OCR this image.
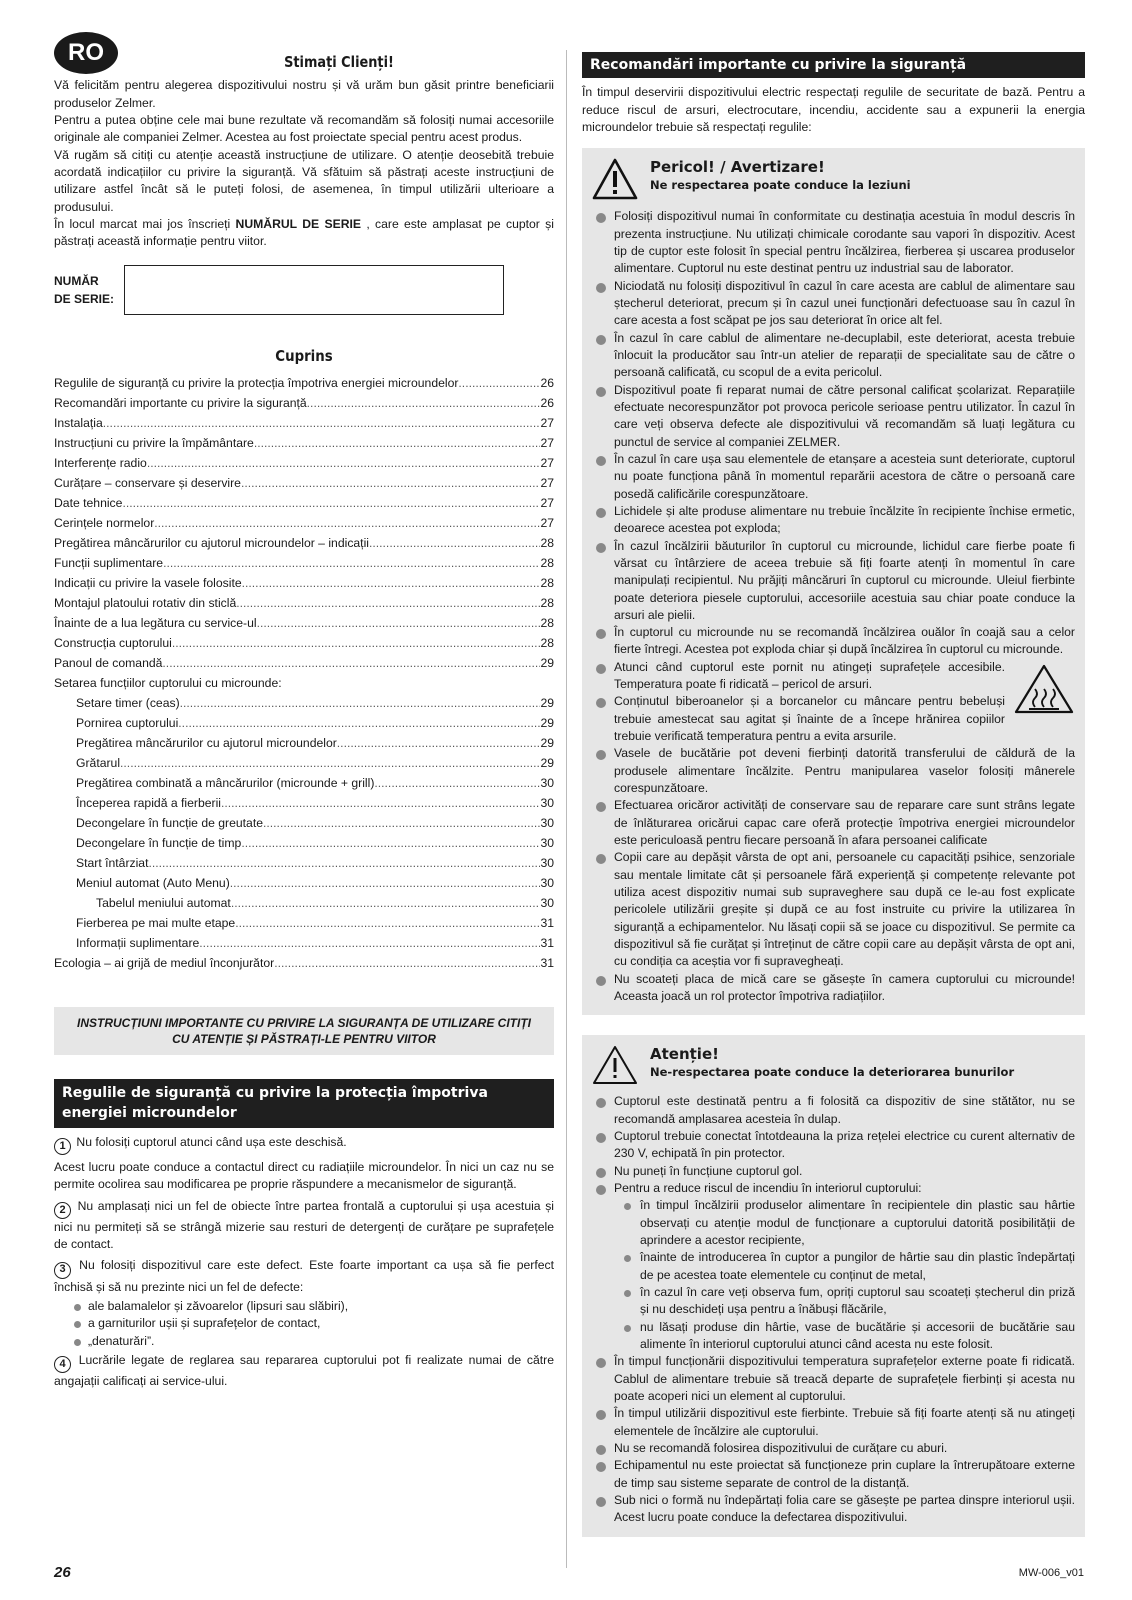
RO	Stimați Clienți!

Vă felicităm pentru alegerea dispozitivului nostru și vă urăm bun găsit printre beneficiarii produselor Zelmer.

Pentru a putea obține cele mai bune rezultate vă recomandăm să folosiți numai accesoriile originale ale companiei Zelmer. Acestea au fost proiectate special pentru acest produs.

Vă rugăm să citiți cu atenție această instrucțiune de utilizare. O atenție deosebită trebuie acordată indicațiilor cu privire la siguranță. Vă sfătuim să păstrați aceste instrucțiuni de utilizare astfel încât să le puteți folosi, de asemenea, în timpul utilizării ulterioare a produsului.

În locul marcat mai jos înscrieți NUMĂRUL DE SERIE , care este amplasat pe cuptor și păstrați această informație pentru viitor.

NUMĂR
DE SERIE:
Cuprins
Regulile de siguranță cu privire la protecția împotriva energiei microundelor .....	26
Recomandări importante cu privire la siguranță .....	26
Instalația .....	27
Instrucțiuni cu privire la împământare .....	27
Interferențe radio .....	27
Curățare – conservare și deservire .....	27
Date tehnice .....	27
Cerințele normelor .....	27
Pregătirea mâncărurilor cu ajutorul microundelor – indicații .....	28
Funcții suplimentare .....	28
Indicații cu privire la vasele folosite .....	28
Montajul platoului rotativ din sticlă .....	28
Înainte de a lua legătura cu service-ul .....	28
Construcția cuptorului .....	28
Panoul de comandă .....	29
Setarea funcțiilor cuptorului cu microunde:
Setare timer (ceas) .....	29
Pornirea cuptorului .....	29
Pregătirea mâncărurilor cu ajutorul microundelor .....	29
Grătarul .....	29
Pregătirea combinată a mâncărurilor (microunde + grill) .....	30
Începerea rapidă a fierberii .....	30
Decongelare în funcție de greutate .....	30
Decongelare în funcție de timp .....	30
Start întârziat .....	30
Meniul automat (Auto Menu) .....	30
Tabelul meniului automat .....	30
Fierberea pe mai multe etape .....	31
Informații suplimentare .....	31
Ecologia – ai grijă de mediul înconjurător .....	31
INSTRUCȚIUNI IMPORTANTE CU PRIVIRE LA SIGURANȚA DE UTILIZARE CITIȚI
CU ATENȚIE ȘI PĂSTRAȚI-LE PENTRU VIITOR
Regulile de siguranță cu privire la protecția împotriva energiei microundelor

1 Nu folosiți cuptorul atunci când ușa este deschisă.

Acest lucru poate conduce a contactul direct cu radiațiile microundelor. În nici un caz nu se permite ocolirea sau modificarea pe proprie răspundere a mecanismelor de siguranță.

2 Nu amplasați nici un fel de obiecte între partea frontală a cuptorului și ușa acestuia și nici nu permiteți să se strângă mizerie sau resturi de detergenți de curățare pe suprafețele de contact.

3 Nu folosiți dispozitivul care este defect. Este foarte important ca ușa să fie perfect închisă și să nu prezinte nici un fel de defecte:

ale balamalelor și zăvoarelor (lipsuri sau slăbiri),
a garniturilor ușii și suprafețelor de contact,
„denaturări”.

4 Lucrările legate de reglarea sau repararea cuptorului pot fi realizate numai de către angajații calificați ai service-ului.

Recomandări importante cu privire la siguranță

În timpul deservirii dispozitivului electric respectați regulile de securitate de bază. Pentru a reduce riscul de arsuri, electrocutare, incendiu, accidente sau a expunerii la energia microundelor trebuie să respectați regulile:

Pericol! / Avertizare!
Ne respectarea poate conduce la leziuni
Folosiți dispozitivul numai în conformitate cu destinația acestuia în modul descris în prezenta instrucțiune. Nu utilizați chimicale corodante sau vapori în dispozitiv. Acest tip de cuptor este folosit în special pentru încălzirea, fierberea și uscarea produselor alimentare. Cuptorul nu este destinat pentru uz industrial sau de laborator.
Niciodată nu folosiți dispozitivul în cazul în care acesta are cablul de alimentare sau ștecherul deteriorat, precum și în cazul unei funcționări defectuoase sau în cazul în care acesta a fost scăpat pe jos sau deteriorat în orice alt fel.
În cazul în care cablul de alimentare ne-decuplabil, este deteriorat, acesta trebuie înlocuit la producător sau într-un atelier de reparații de specialitate sau de către o persoană calificată, cu scopul de a evita pericolul.
Dispozitivul poate fi reparat numai de către personal calificat școlarizat. Reparațiile efectuate necorespunzător pot provoca pericole serioase pentru utilizator. În cazul în care veți observa defecte ale dispozitivului vă recomandăm să luați legătura cu punctul de service al companiei ZELMER.
În cazul în care ușa sau elementele de etanșare a acesteia sunt deteriorate, cuptorul nu poate funcționa până în momentul reparării acestora de către o persoană care posedă calificările corespunzătoare.
Lichidele și alte produse alimentare nu trebuie încălzite în recipiente închise ermetic, deoarece acestea pot exploda;
În cazul încălzirii băuturilor în cuptorul cu microunde, lichidul care fierbe poate fi vărsat cu întârziere de aceea trebuie să fiți foarte atenți în momentul în care manipulați recipientul. Nu prăjiți mâncăruri în cuptorul cu microunde. Uleiul fierbinte poate deteriora piesele cuptorului, accesoriile acestuia sau chiar poate conduce la arsuri ale pielii.
În cuptorul cu microunde nu se recomandă încălzirea ouălor în coajă sau a celor fierte întregi. Acestea pot exploda chiar și după încălzirea în cuptorul cu microunde.
Atunci când cuptorul este pornit nu atingeți suprafețele accesibile. Temperatura poate fi ridicată – pericol de arsuri.
Conținutul biberoanelor și a borcanelor cu mâncare pentru bebeluși trebuie amestecat sau agitat și înainte de a începe hrănirea copiilor trebuie verificată temperatura pentru a evita arsurile.
Vasele de bucătărie pot deveni fierbinți datorită transferului de căldură de la produsele alimentare încălzite. Pentru manipularea vaselor folosiți mânerele corespunzătoare.
Efectuarea oricăror activități de conservare sau de reparare care sunt strâns legate de înlăturarea oricărui capac care oferă protecție împotriva energiei microundelor este periculoasă pentru fiecare persoană în afara persoanei calificate
Copii care au depășit vârsta de opt ani, persoanele cu capacități psihice, senzoriale sau mentale limitate cât și persoanele fără experiență și competențe relevante pot utiliza acest dispozitiv numai sub supraveghere sau după ce le-au fost explicate pericolele utilizării greșite și după ce au fost instruite cu privire la utilizarea în siguranță a echipamentelor. Nu lăsați copii să se joace cu dispozitivul. Se permite ca dispozitivul să fie curățat și întreținut de către copii care au depășit vârsta de opt ani, cu condiția ca aceștia vor fi supravegheați.
Nu scoateți placa de mică care se găsește în camera cuptorului cu microunde! Aceasta joacă un rol protector împotriva radiațiilor.
Atenție!
Ne-respectarea poate conduce la deteriorarea bunurilor
Cuptorul este destinată pentru a fi folosită ca dispozitiv de sine stătător, nu se recomandă amplasarea acesteia în dulap.
Cuptorul trebuie conectat întotdeauna la priza rețelei electrice cu curent alternativ de 230 V, echipată în pin protector.
Nu puneți în funcțiune cuptorul gol.
Pentru a reduce riscul de incendiu în interiorul cuptorului:
în timpul încălzirii produselor alimentare în recipientele din plastic sau hârtie observați cu atenție modul de funcționare a cuptorului datorită posibilității de aprindere a acestor recipiente,
înainte de introducerea în cuptor a pungilor de hârtie sau din plastic îndepărtați de pe acestea toate elementele cu conținut de metal,
în cazul în care veți observa fum, opriți cuptorul sau scoateți ștecherul din priză și nu deschideți ușa pentru a înăbuși flăcările,
nu lăsați produse din hârtie, vase de bucătărie și accesorii de bucătărie sau alimente în interiorul cuptorului atunci când acesta nu este folosit.
În timpul funcționării dispozitivului temperatura suprafețelor externe poate fi ridicată. Cablul de alimentare trebuie să treacă departe de suprafețele fierbinți și acesta nu poate acoperi nici un element al cuptorului.
În timpul utilizării dispozitivul este fierbinte. Trebuie să fiți foarte atenți să nu atingeți elementele de încălzire ale cuptorului.
Nu se recomandă folosirea dispozitivului de curățare cu aburi.
Echipamentul nu este proiectat să funcționeze prin cuplare la întrerupătoare externe de timp sau sisteme separate de control de la distanță.
Sub nici o formă nu îndepărtați folia care se găsește pe partea dinspre interiorul ușii. Acest lucru poate conduce la defectarea dispozitivului.
26	MW-006_v01
